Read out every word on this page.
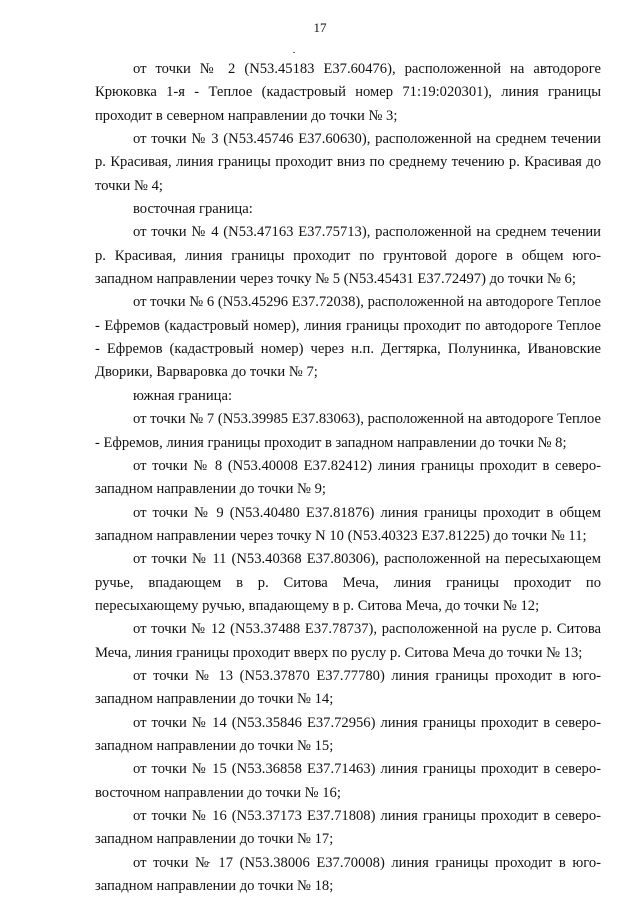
17

от точки № 2 (N53.45183 E37.60476), расположенной на автодороге Крюковка 1-я - Теплое (кадастровый номер 71:19:020301), линия границы проходит в северном направлении до точки № 3;

от точки № 3 (N53.45746 E37.60630), расположенной на среднем течении р. Красивая, линия границы проходит вниз по среднему течению р. Красивая до точки № 4;

восточная граница:

от точки № 4 (N53.47163 E37.75713), расположенной на среднем течении р. Красивая, линия границы проходит по грунтовой дороге в общем юго-западном направлении через точку № 5 (N53.45431 E37.72497) до точки № 6;

от точки № 6 (N53.45296 E37.72038), расположенной на автодороге Теплое - Ефремов (кадастровый номер), линия границы проходит по автодороге Теплое - Ефремов (кадастровый номер) через н.п. Дегтярка, Полунинка, Ивановские Дворики, Варваровка до точки № 7;

южная граница:

от точки № 7 (N53.39985 E37.83063), расположенной на автодороге Теплое - Ефремов, линия границы проходит в западном направлении до точки № 8;

от точки № 8 (N53.40008 E37.82412) линия границы проходит в северо-западном направлении до точки № 9;

от точки № 9 (N53.40480 E37.81876) линия границы проходит в общем западном направлении через точку N 10 (N53.40323 E37.81225) до точки № 11;

от точки № 11 (N53.40368 E37.80306), расположенной на пересыхающем ручье, впадающем в р. Ситова Меча, линия границы проходит по пересыхающему ручью, впадающему в р. Ситова Меча, до точки № 12;

от точки № 12 (N53.37488 E37.78737), расположенной на русле р. Ситова Меча, линия границы проходит вверх по руслу р. Ситова Меча до точки № 13;

от точки № 13 (N53.37870 E37.77780) линия границы проходит в юго-западном направлении до точки № 14;

от точки № 14 (N53.35846 E37.72956) линия границы проходит в северо-западном направлении до точки № 15;

от точки № 15 (N53.36858 E37.71463) линия границы проходит в северо-восточном направлении до точки № 16;

от точки № 16 (N53.37173 E37.71808) линия границы проходит в северо-западном направлении до точки № 17;

от точки № 17 (N53.38006 E37.70008) линия границы проходит в юго-западном направлении до точки № 18;
